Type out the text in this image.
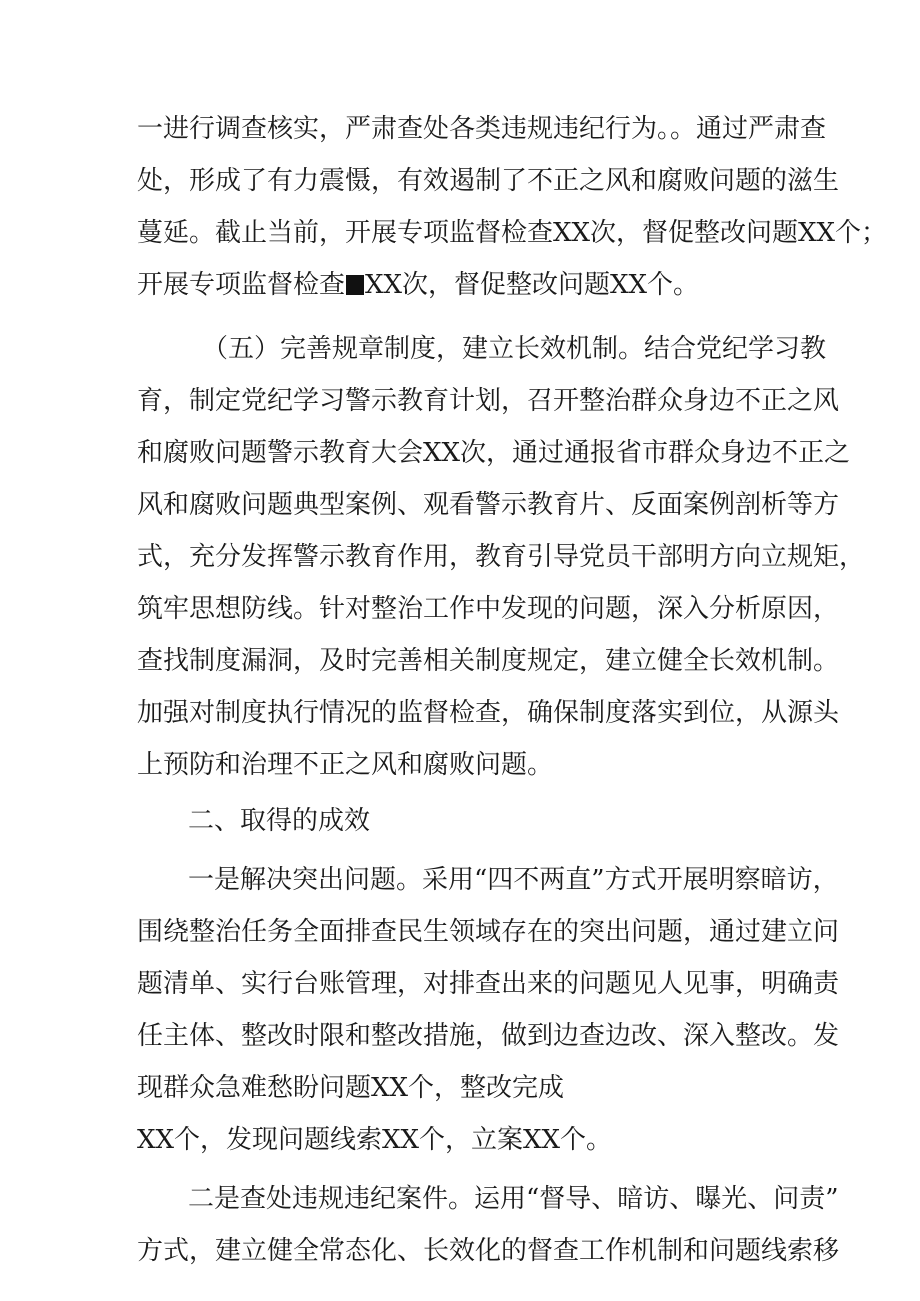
一进行调查核实，严肃查处各类违规违纪行为。。通过严肃查
处，形成了有力震慑，有效遏制了不正之风和腐败问题的滋生
蔓延。截止当前，开展专项监督检查XX次，督促整改问题XX个；
开展专项监督检查 XX次，督促整改问题XX个。
（五）完善规章制度，建立长效机制。结合党纪学习教
育，制定党纪学习警示教育计划，召开整治群众身边不正之风
和腐败问题警示教育大会XX次，通过通报省市群众身边不正之
风和腐败问题典型案例、观看警示教育片、反面案例剖析等方
式，充分发挥警示教育作用，教育引导党员干部明方向立规矩，
筑牢思想防线。针对整治工作中发现的问题，深入分析原因，
查找制度漏洞，及时完善相关制度规定，建立健全长效机制。
加强对制度执行情况的监督检查，确保制度落实到位，从源头
上预防和治理不正之风和腐败问题。
二、取得的成效
一是解决突出问题。采用“四不两直”方式开展明察暗访，
围绕整治任务全面排查民生领域存在的突出问题，通过建立问
题清单、实行台账管理，对排查出来的问题见人见事，明确责
任主体、整改时限和整改措施，做到边查边改、深入整改。发
现群众急难愁盼问题XX个，整改完成
XX个，发现问题线索XX个，立案XX个。
二是查处违规违纪案件。运用“督导、暗访、曝光、问责”
方式，建立健全常态化、长效化的督查工作机制和问题线索移
